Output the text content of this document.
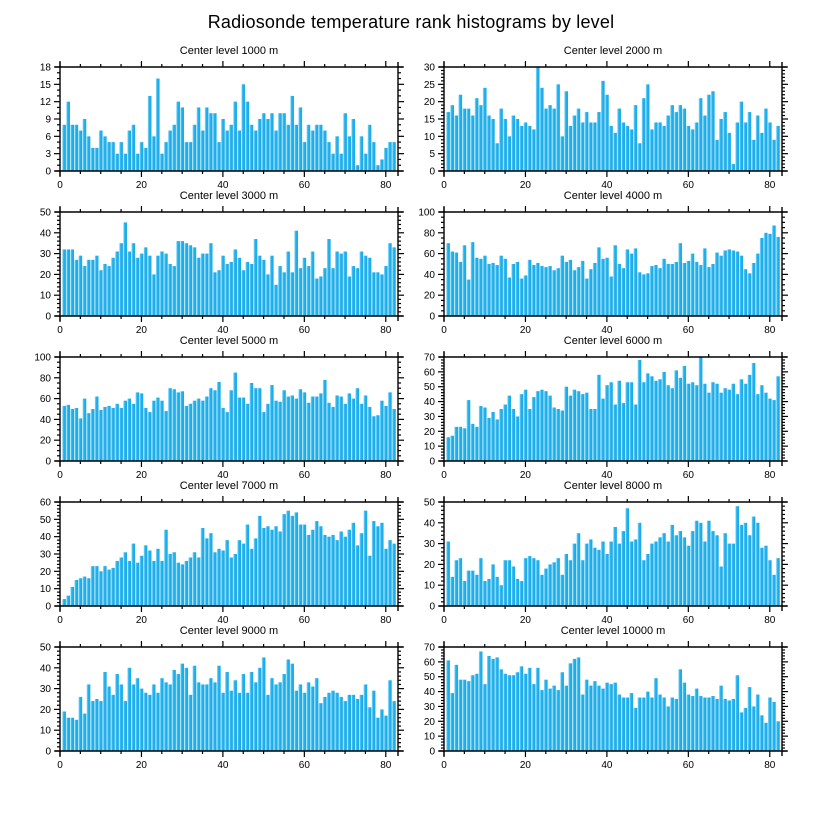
Radiosonde temperature rank histograms by level
Center level 1000 m
0
3
6
9
12
15
18
0	20	40	60	80
Center level 2000 m
0
5
10
15
20
25
30
0	20	40	60	80
Center level 3000 m
0
10
20
30
40
50
0	20	40	60	80
Center level 4000 m
0
20
40
60
80
100
0	20	40	60	80
Center level 5000 m
0
20
40
60
80
100
0	20	40	60	80
Center level 6000 m
0
10
20
30
40
50
60
70
0	20	40	60	80
Center level 7000 m
0
10
20
30
40
50
60
0	20	40	60	80
Center level 8000 m
0
10
20
30
40
50
0	20	40	60	80
Center level 9000 m
0
10
20
30
40
50
0	20	40	60	80
Center level 10000 m
0
10
20
30
40
50
60
70
0	20	40	60	80
